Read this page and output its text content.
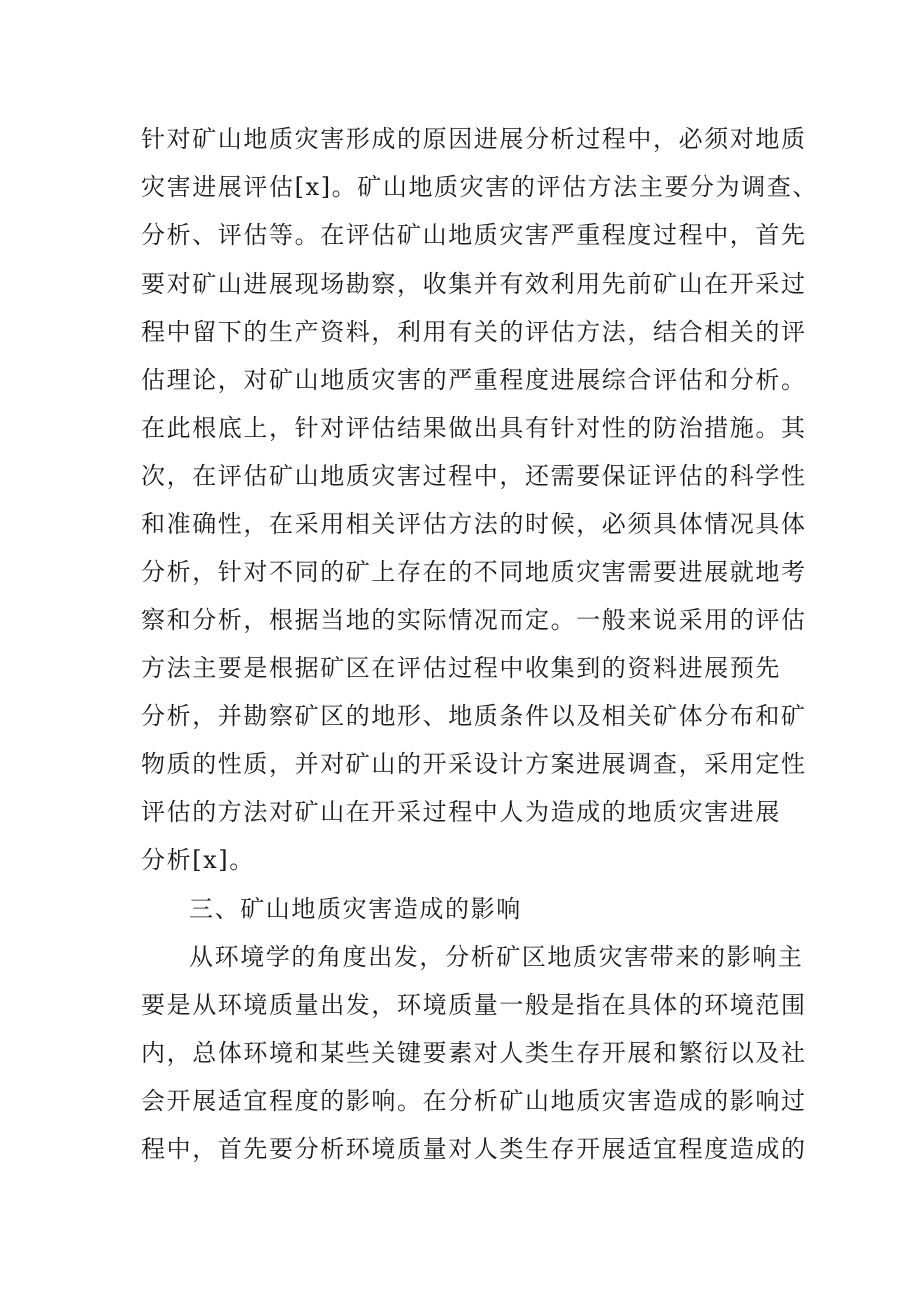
针对矿山地质灾害形成的原因进展分析过程中，必须对地质
灾害进展评估[x]。矿山地质灾害的评估方法主要分为调查、
分析、评估等。在评估矿山地质灾害严重程度过程中，首先
要对矿山进展现场勘察，收集并有效利用先前矿山在开采过
程中留下的生产资料，利用有关的评估方法，结合相关的评
估理论，对矿山地质灾害的严重程度进展综合评估和分析。
在此根底上，针对评估结果做出具有针对性的防治措施。其
次，在评估矿山地质灾害过程中，还需要保证评估的科学性
和准确性，在采用相关评估方法的时候，必须具体情况具体
分析，针对不同的矿上存在的不同地质灾害需要进展就地考
察和分析，根据当地的实际情况而定。一般来说采用的评估
方法主要是根据矿区在评估过程中收集到的资料进展预先
分析，并勘察矿区的地形、地质条件以及相关矿体分布和矿
物质的性质，并对矿山的开采设计方案进展调查，采用定性
评估的方法对矿山在开采过程中人为造成的地质灾害进展
分析[x]。
三、矿山地质灾害造成的影响
从环境学的角度出发，分析矿区地质灾害带来的影响主
要是从环境质量出发，环境质量一般是指在具体的环境范围
内，总体环境和某些关键要素对人类生存开展和繁衍以及社
会开展适宜程度的影响。在分析矿山地质灾害造成的影响过
程中，首先要分析环境质量对人类生存开展适宜程度造成的
